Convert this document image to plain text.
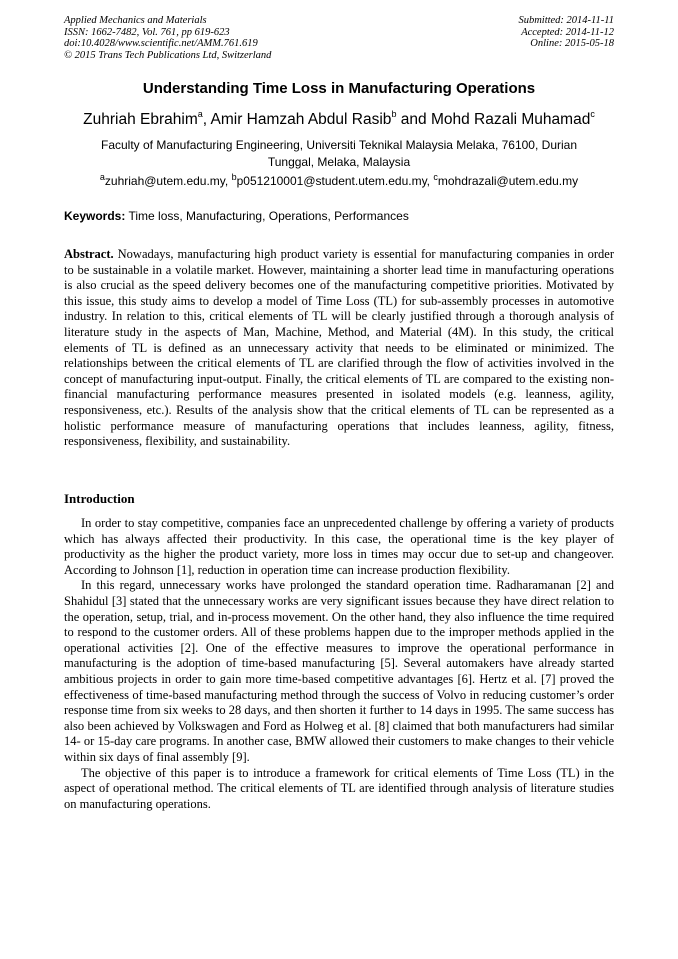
Applied Mechanics and Materials
ISSN: 1662-7482, Vol. 761, pp 619-623
doi:10.4028/www.scientific.net/AMM.761.619
© 2015 Trans Tech Publications Ltd, Switzerland
Submitted: 2014-11-11
Accepted: 2014-11-12
Online: 2015-05-18
Understanding Time Loss in Manufacturing Operations
Zuhriah Ebrahim$^a$, Amir Hamzah Abdul Rasib$^b$ and Mohd Razali Muhamad$^c$
Faculty of Manufacturing Engineering, Universiti Teknikal Malaysia Melaka, 76100, Durian Tunggal, Melaka, Malaysia
$^a$zuhriah@utem.edu.my, $^b$p051210001@student.utem.edu.my, $^c$mohdrazali@utem.edu.my
Keywords: Time loss, Manufacturing, Operations, Performances
Abstract. Nowadays, manufacturing high product variety is essential for manufacturing companies in order to be sustainable in a volatile market. However, maintaining a shorter lead time in manufacturing operations is also crucial as the speed delivery becomes one of the manufacturing competitive priorities. Motivated by this issue, this study aims to develop a model of Time Loss (TL) for sub-assembly processes in automotive industry. In relation to this, critical elements of TL will be clearly justified through a thorough analysis of literature study in the aspects of Man, Machine, Method, and Material (4M). In this study, the critical elements of TL is defined as an unnecessary activity that needs to be eliminated or minimized. The relationships between the critical elements of TL are clarified through the flow of activities involved in the concept of manufacturing input-output. Finally, the critical elements of TL are compared to the existing non-financial manufacturing performance measures presented in isolated models (e.g. leanness, agility, responsiveness, etc.). Results of the analysis show that the critical elements of TL can be represented as a holistic performance measure of manufacturing operations that includes leanness, agility, fitness, responsiveness, flexibility, and sustainability.
Introduction

In order to stay competitive, companies face an unprecedented challenge by offering a variety of products which has always affected their productivity. In this case, the operational time is the key player of productivity as the higher the product variety, more loss in times may occur due to set-up and changeover. According to Johnson [1], reduction in operation time can increase production flexibility.

In this regard, unnecessary works have prolonged the standard operation time. Radharamanan [2] and Shahidul [3] stated that the unnecessary works are very significant issues because they have direct relation to the operation, setup, trial, and in-process movement. On the other hand, they also influence the time required to respond to the customer orders. All of these problems happen due to the improper methods applied in the operational activities [2]. One of the effective measures to improve the operational performance in manufacturing is the adoption of time-based manufacturing [5]. Several automakers have already started ambitious projects in order to gain more time-based competitive advantages [6]. Hertz et al. [7] proved the effectiveness of time-based manufacturing method through the success of Volvo in reducing customer’s order response time from six weeks to 28 days, and then shorten it further to 14 days in 1995. The same success has also been achieved by Volkswagen and Ford as Holweg et al. [8] claimed that both manufacturers had similar 14- or 15-day care programs. In another case, BMW allowed their customers to make changes to their vehicle within six days of final assembly [9].

The objective of this paper is to introduce a framework for critical elements of Time Loss (TL) in the aspect of operational method. The critical elements of TL are identified through analysis of literature studies on manufacturing operations.
